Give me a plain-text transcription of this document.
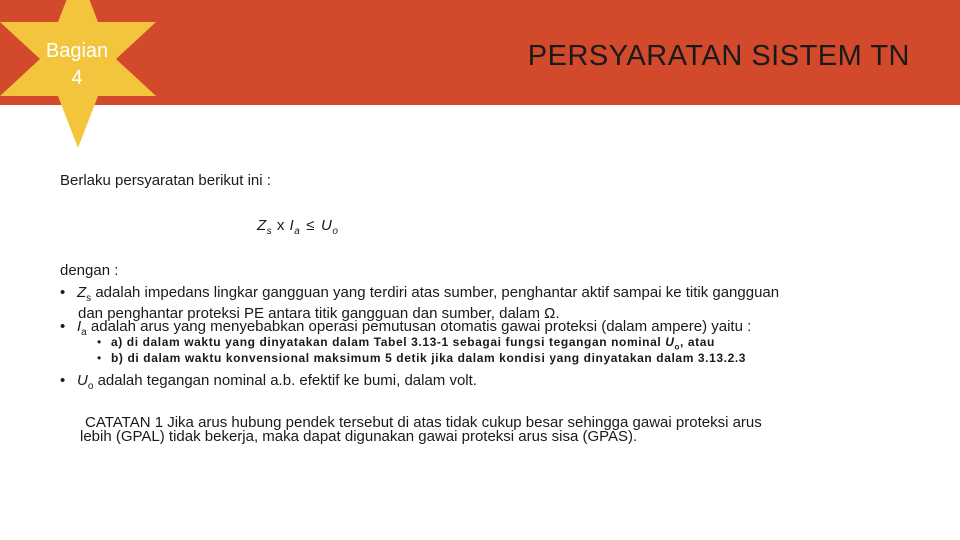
Bagian
4
PERSYARATAN SISTEM TN
Berlaku persyaratan berikut ini :
$Z_s$ x $I_a \le U_o$
dengan :
• $Z_s$ adalah impedans lingkar gangguan yang terdiri atas sumber, penghantar aktif sampai ke titik gangguan
dan penghantar proteksi PE antara titik gangguan dan sumber, dalam Ω.
• $I_a$ adalah arus yang menyebabkan operasi pemutusan otomatis gawai proteksi (dalam ampere) yaitu :
• a) di dalam waktu yang dinyatakan dalam Tabel 3.13-1 sebagai fungsi tegangan nominal $U_o$, atau
• b) di dalam waktu konvensional maksimum 5 detik jika dalam kondisi yang dinyatakan dalam 3.13.2.3
• $U_o$ adalah tegangan nominal a.b. efektif ke bumi, dalam volt.
CATATAN 1 Jika arus hubung pendek tersebut di atas tidak cukup besar sehingga gawai proteksi arus
lebih (GPAL) tidak bekerja, maka dapat digunakan gawai proteksi arus sisa (GPAS).
